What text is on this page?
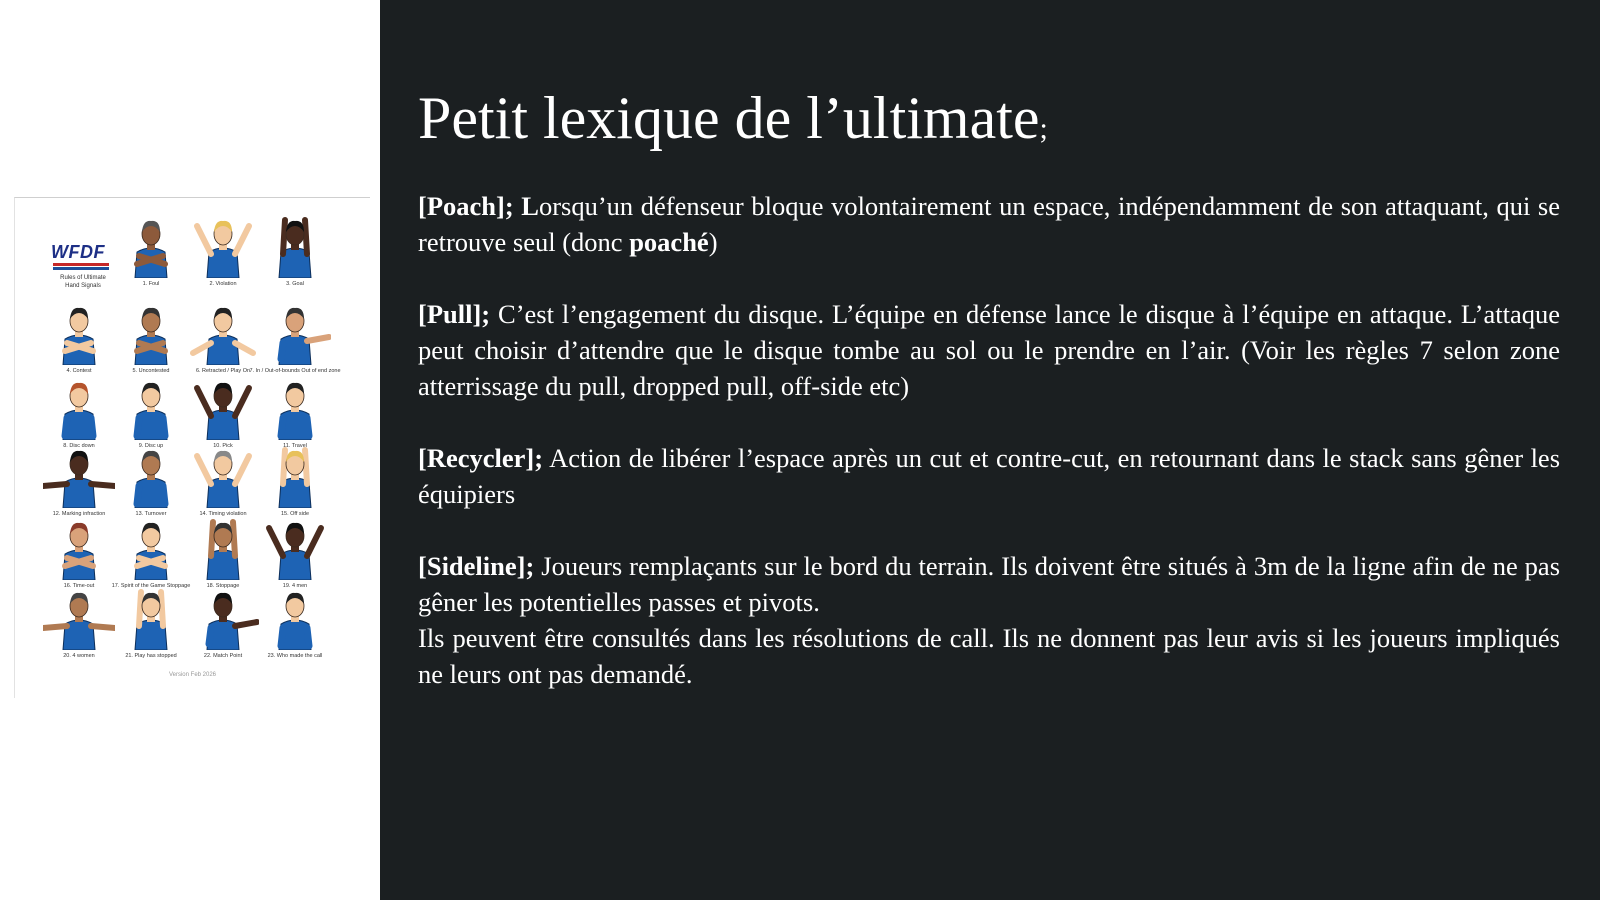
WFDF
Rules of Ultimate
Hand Signals
Version Feb 2026
1. Foul	2. Violation	3. Goal
4. Contest	5. Uncontested	6. Retracted / Play On 7. In / Out-of-bounds Out of end zone
8. Disc down	9. Disc up	10. Pick	11. Travel
12. Marking infraction	13. Turnover	14. Timing violation	15. Off side
16. Time-out	17. Spirit of the Game Stoppage	18. Stoppage	19. 4 men
20. 4 women	21. Play has stopped	22. Match Point	23. Who made the call
Petit lexique de l’ultimate;

[Poach]; Lorsqu’un défenseur bloque volontairement un espace, indépendamment de son attaquant, qui se retrouve seul (donc poaché)

[Pull]; C’est l’engagement du disque. L’équipe en défense lance le disque à l’équipe en attaque. L’attaque peut choisir d’attendre que le disque tombe au sol ou le prendre en l’air. (Voir les règles 7 selon zone atterrissage du pull, dropped pull, off-side etc)

[Recycler]; Action de libérer l’espace après un cut et contre-cut, en retournant dans le stack sans gêner les équipiers

[Sideline]; Joueurs remplaçants sur le bord du terrain. Ils doivent être situés à 3m de la ligne afin de ne pas gêner les potentielles passes et pivots.

Ils peuvent être consultés dans les résolutions de call. Ils ne donnent pas leur avis si les joueurs impliqués ne leurs ont pas demandé.
